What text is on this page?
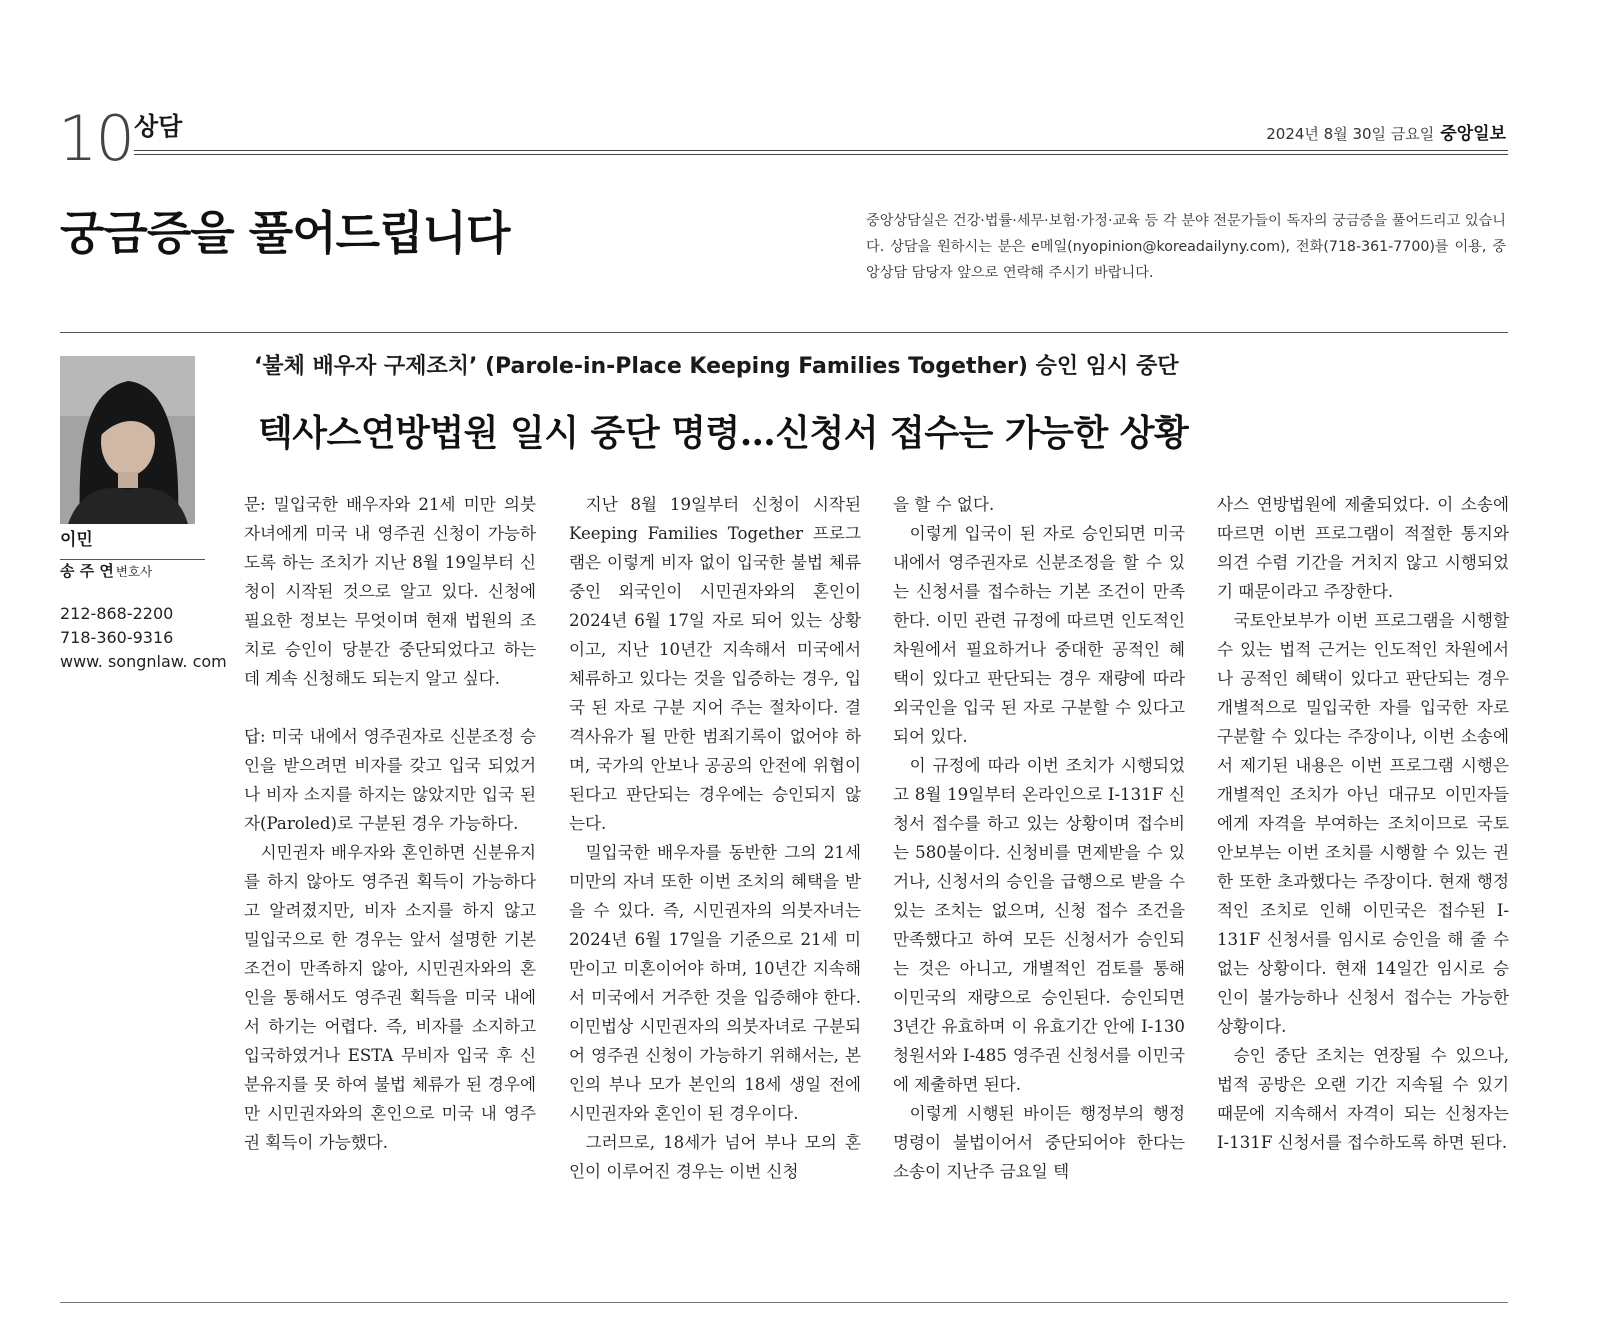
10 상담	2024년 8월 30일 금요일 중앙일보
궁금증을 풀어드립니다	중앙상담실은 건강·법률·세무·보험·가정·교육 등 각 분야 전문가들이 독자의 궁금증을 풀어드리고 있습니다. 상담을 원하시는 분은 e메일(nyopinion@koreadailyny.com), 전화(718-361-7700)를 이용, 중앙상담 담당자 앞으로 연락해 주시기 바랍니다.
이민
송 주 연 변호사
212-868-2200
718-360-9316
www. songnlaw. com
‘불체 배우자 구제조치’ (Parole-in-Place Keeping Families Together) 승인 임시 중단
텍사스연방법원 일시 중단 명령…신청서 접수는 가능한 상황

문: 밀입국한 배우자와 21세 미만 의붓자녀에게 미국 내 영주권 신청이 가능하도록 하는 조치가 지난 8월 19일부터 신청이 시작된 것으로 알고 있다. 신청에 필요한 정보는 무엇이며 현재 법원의 조치로 승인이 당분간 중단되었다고 하는데 계속 신청해도 되는지 알고 싶다.

답: 미국 내에서 영주권자로 신분조정 승인을 받으려면 비자를 갖고 입국 되었거나 비자 소지를 하지는 않았지만 입국 된 자(Paroled)로 구분된 경우 가능하다.

시민권자 배우자와 혼인하면 신분유지를 하지 않아도 영주권 획득이 가능하다고 알려졌지만, 비자 소지를 하지 않고 밀입국으로 한 경우는 앞서 설명한 기본 조건이 만족하지 않아, 시민권자와의 혼인을 통해서도 영주권 획득을 미국 내에서 하기는 어렵다. 즉, 비자를 소지하고 입국하였거나 ESTA 무비자 입국 후 신분유지를 못 하여 불법 체류가 된 경우에만 시민권자와의 혼인으로 미국 내 영주권 획득이 가능했다.

지난 8월 19일부터 신청이 시작된 Keeping Families Together 프로그램은 이렇게 비자 없이 입국한 불법 체류 중인 외국인이 시민권자와의 혼인이 2024년 6월 17일 자로 되어 있는 상황이고, 지난 10년간 지속해서 미국에서 체류하고 있다는 것을 입증하는 경우, 입국 된 자로 구분 지어 주는 절차이다. 결격사유가 될 만한 범죄기록이 없어야 하며, 국가의 안보나 공공의 안전에 위협이 된다고 판단되는 경우에는 승인되지 않는다.

밀입국한 배우자를 동반한 그의 21세 미만의 자녀 또한 이번 조치의 혜택을 받을 수 있다. 즉, 시민권자의 의붓자녀는 2024년 6월 17일을 기준으로 21세 미만이고 미혼이어야 하며, 10년간 지속해서 미국에서 거주한 것을 입증해야 한다. 이민법상 시민권자의 의붓자녀로 구분되어 영주권 신청이 가능하기 위해서는, 본인의 부나 모가 본인의 18세 생일 전에 시민권자와 혼인이 된 경우이다.

그러므로, 18세가 넘어 부나 모의 혼인이 이루어진 경우는 이번 신청

을 할 수 없다.

이렇게 입국이 된 자로 승인되면 미국 내에서 영주권자로 신분조정을 할 수 있는 신청서를 접수하는 기본 조건이 만족한다. 이민 관련 규정에 따르면 인도적인 차원에서 필요하거나 중대한 공적인 혜택이 있다고 판단되는 경우 재량에 따라 외국인을 입국 된 자로 구분할 수 있다고 되어 있다.

이 규정에 따라 이번 조치가 시행되었고 8월 19일부터 온라인으로 I-131F 신청서 접수를 하고 있는 상황이며 접수비는 580불이다. 신청비를 면제받을 수 있거나, 신청서의 승인을 급행으로 받을 수 있는 조치는 없으며, 신청 접수 조건을 만족했다고 하여 모든 신청서가 승인되는 것은 아니고, 개별적인 검토를 통해 이민국의 재량으로 승인된다. 승인되면 3년간 유효하며 이 유효기간 안에 I-130 청원서와 I-485 영주권 신청서를 이민국에 제출하면 된다.

이렇게 시행된 바이든 행정부의 행정명령이 불법이어서 중단되어야 한다는 소송이 지난주 금요일 텍

사스 연방법원에 제출되었다. 이 소송에 따르면 이번 프로그램이 적절한 통지와 의견 수렴 기간을 거치지 않고 시행되었기 때문이라고 주장한다.

국토안보부가 이번 프로그램을 시행할 수 있는 법적 근거는 인도적인 차원에서나 공적인 혜택이 있다고 판단되는 경우 개별적으로 밀입국한 자를 입국한 자로 구분할 수 있다는 주장이나, 이번 소송에서 제기된 내용은 이번 프로그램 시행은 개별적인 조치가 아닌 대규모 이민자들에게 자격을 부여하는 조치이므로 국토안보부는 이번 조치를 시행할 수 있는 권한 또한 초과했다는 주장이다. 현재 행정적인 조치로 인해 이민국은 접수된 I-131F 신청서를 임시로 승인을 해 줄 수 없는 상황이다. 현재 14일간 임시로 승인이 불가능하나 신청서 접수는 가능한 상황이다.

승인 중단 조치는 연장될 수 있으나, 법적 공방은 오랜 기간 지속될 수 있기 때문에 지속해서 자격이 되는 신청자는 I-131F 신청서를 접수하도록 하면 된다.
